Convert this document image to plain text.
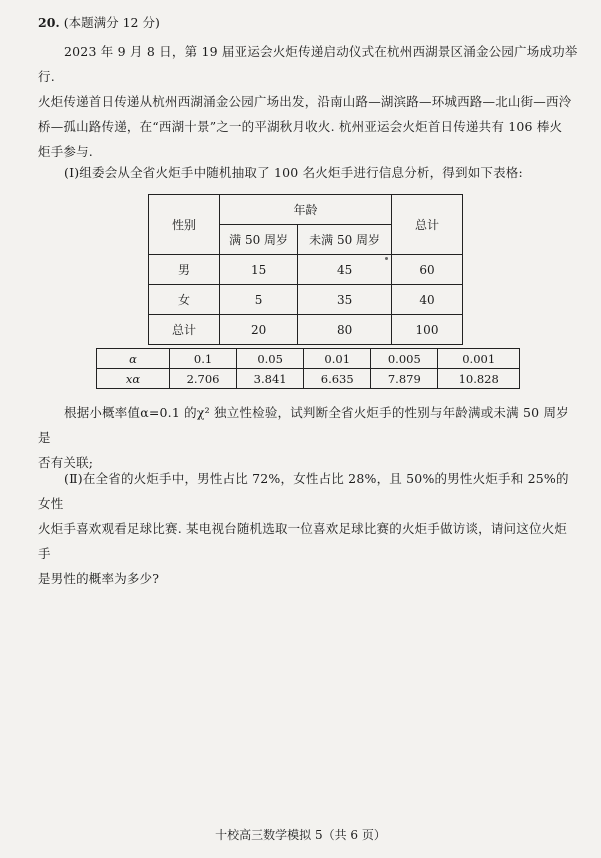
20. (本题满分 12 分)
2023 年 9 月 8 日，第 19 届亚运会火炬传递启动仪式在杭州西湖景区涌金公园广场成功举行.
火炬传递首日传递从杭州西湖涌金公园广场出发，沿南山路—湖滨路—环城西路—北山街—西泠
桥—孤山路传递，在“西湖十景”之一的平湖秋月收火. 杭州亚运会火炬首日传递共有 106 棒火
炬手参与.
(Ⅰ)组委会从全省火炬手中随机抽取了 100 名火炬手进行信息分析，得到如下表格:
性别	年龄		总计
	满 50 周岁	未满 50 周岁	
男	15	45	60
女	5	35	40
总计	20	80	100
α	0.1	0.05	0.01	0.005	0.001
xα	2.706	3.841	6.635	7.879	10.828
根据小概率值α=0.1 的χ² 独立性检验，试判断全省火炬手的性别与年龄满或未满 50 周岁是
否有关联;
(Ⅱ)在全省的火炬手中，男性占比 72%，女性占比 28%，且 50%的男性火炬手和 25%的女性
火炬手喜欢观看足球比赛. 某电视台随机选取一位喜欢足球比赛的火炬手做访谈，请问这位火炬手
是男性的概率为多少?
十校高三数学模拟 5（共 6 页）
